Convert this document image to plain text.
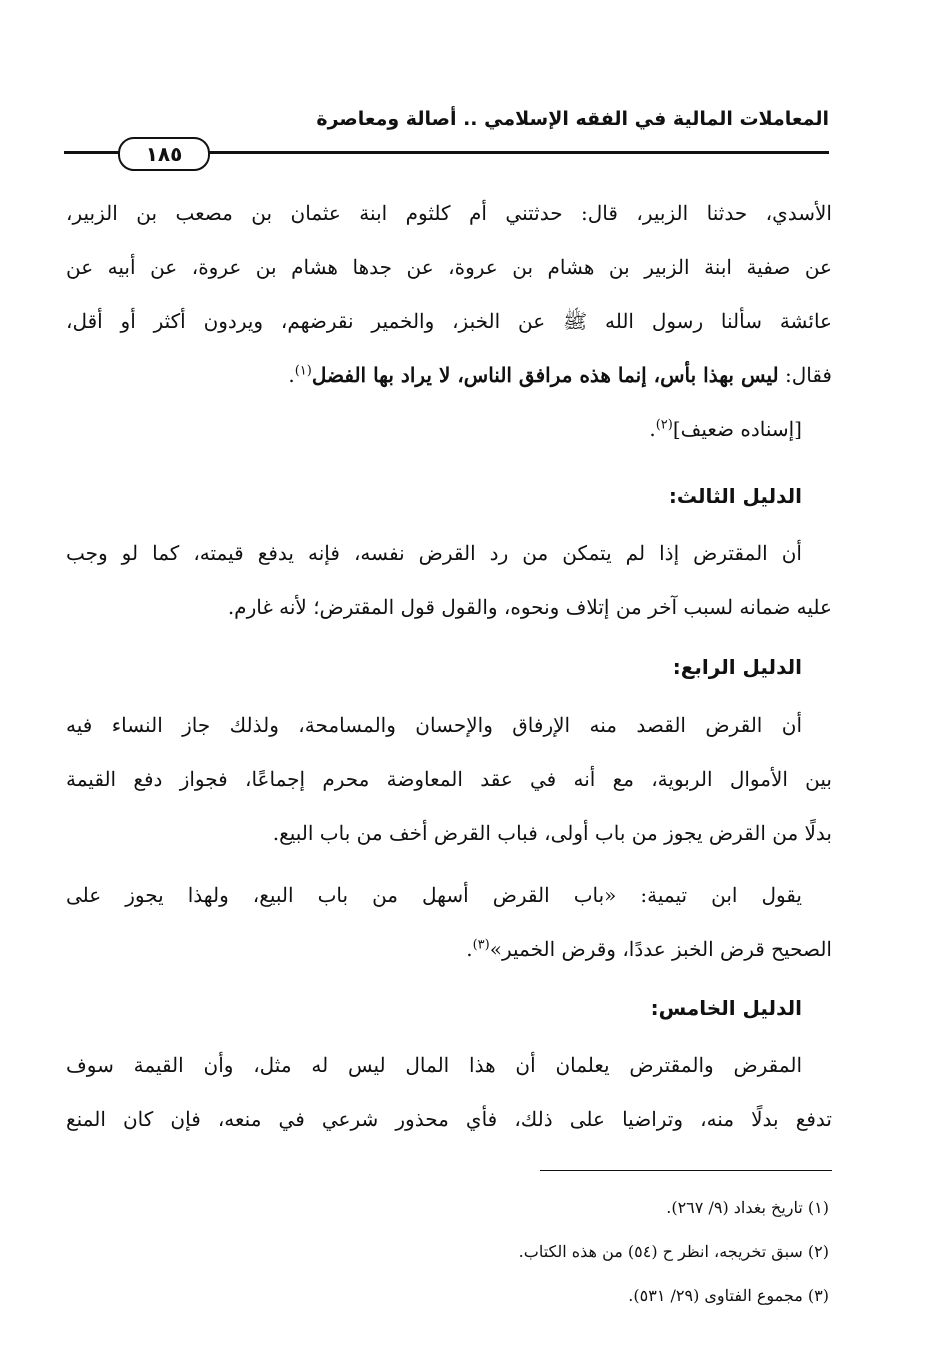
المعاملات المالية في الفقه الإسلامي .. أصالة ومعاصرة
١٨٥
الأسدي، حدثنا الزبير، قال: حدثتني أم كلثوم ابنة عثمان بن مصعب بن الزبير،
عن صفية ابنة الزبير بن هشام بن عروة، عن جدها هشام بن عروة، عن أبيه عن
عائشة سألنا رسول الله ﷺ عن الخبز، والخمير نقرضهم، ويردون أكثر أو أقل،
فقال: ليس بهذا بأس، إنما هذه مرافق الناس، لا يراد بها الفضل$^{(١)}$.
[إسناده ضعيف]$^{(٢)}$.
الدليل الثالث:
أن المقترض إذا لم يتمكن من رد القرض نفسه، فإنه يدفع قيمته، كما لو وجب
عليه ضمانه لسبب آخر من إتلاف ونحوه، والقول قول المقترض؛ لأنه غارم.
الدليل الرابع:
أن القرض القصد منه الإرفاق والإحسان والمسامحة، ولذلك جاز النساء فيه
بين الأموال الربوية، مع أنه في عقد المعاوضة محرم إجماعًا، فجواز دفع القيمة
بدلًا من القرض يجوز من باب أولى، فباب القرض أخف من باب البيع.
يقول ابن تيمية: «باب القرض أسهل من باب البيع، ولهذا يجوز على
الصحيح قرض الخبز عددًا، وقرض الخمير»$^{(٣)}$.
الدليل الخامس:
المقرض والمقترض يعلمان أن هذا المال ليس له مثل، وأن القيمة سوف
تدفع بدلًا منه، وتراضيا على ذلك، فأي محذور شرعي في منعه، فإن كان المنع
(١) تاريخ بغداد (٩/ ٢٦٧).
(٢) سبق تخريجه، انظر ح (٥٤) من هذه الكتاب.
(٣) مجموع الفتاوى (٢٩/ ٥٣١).
